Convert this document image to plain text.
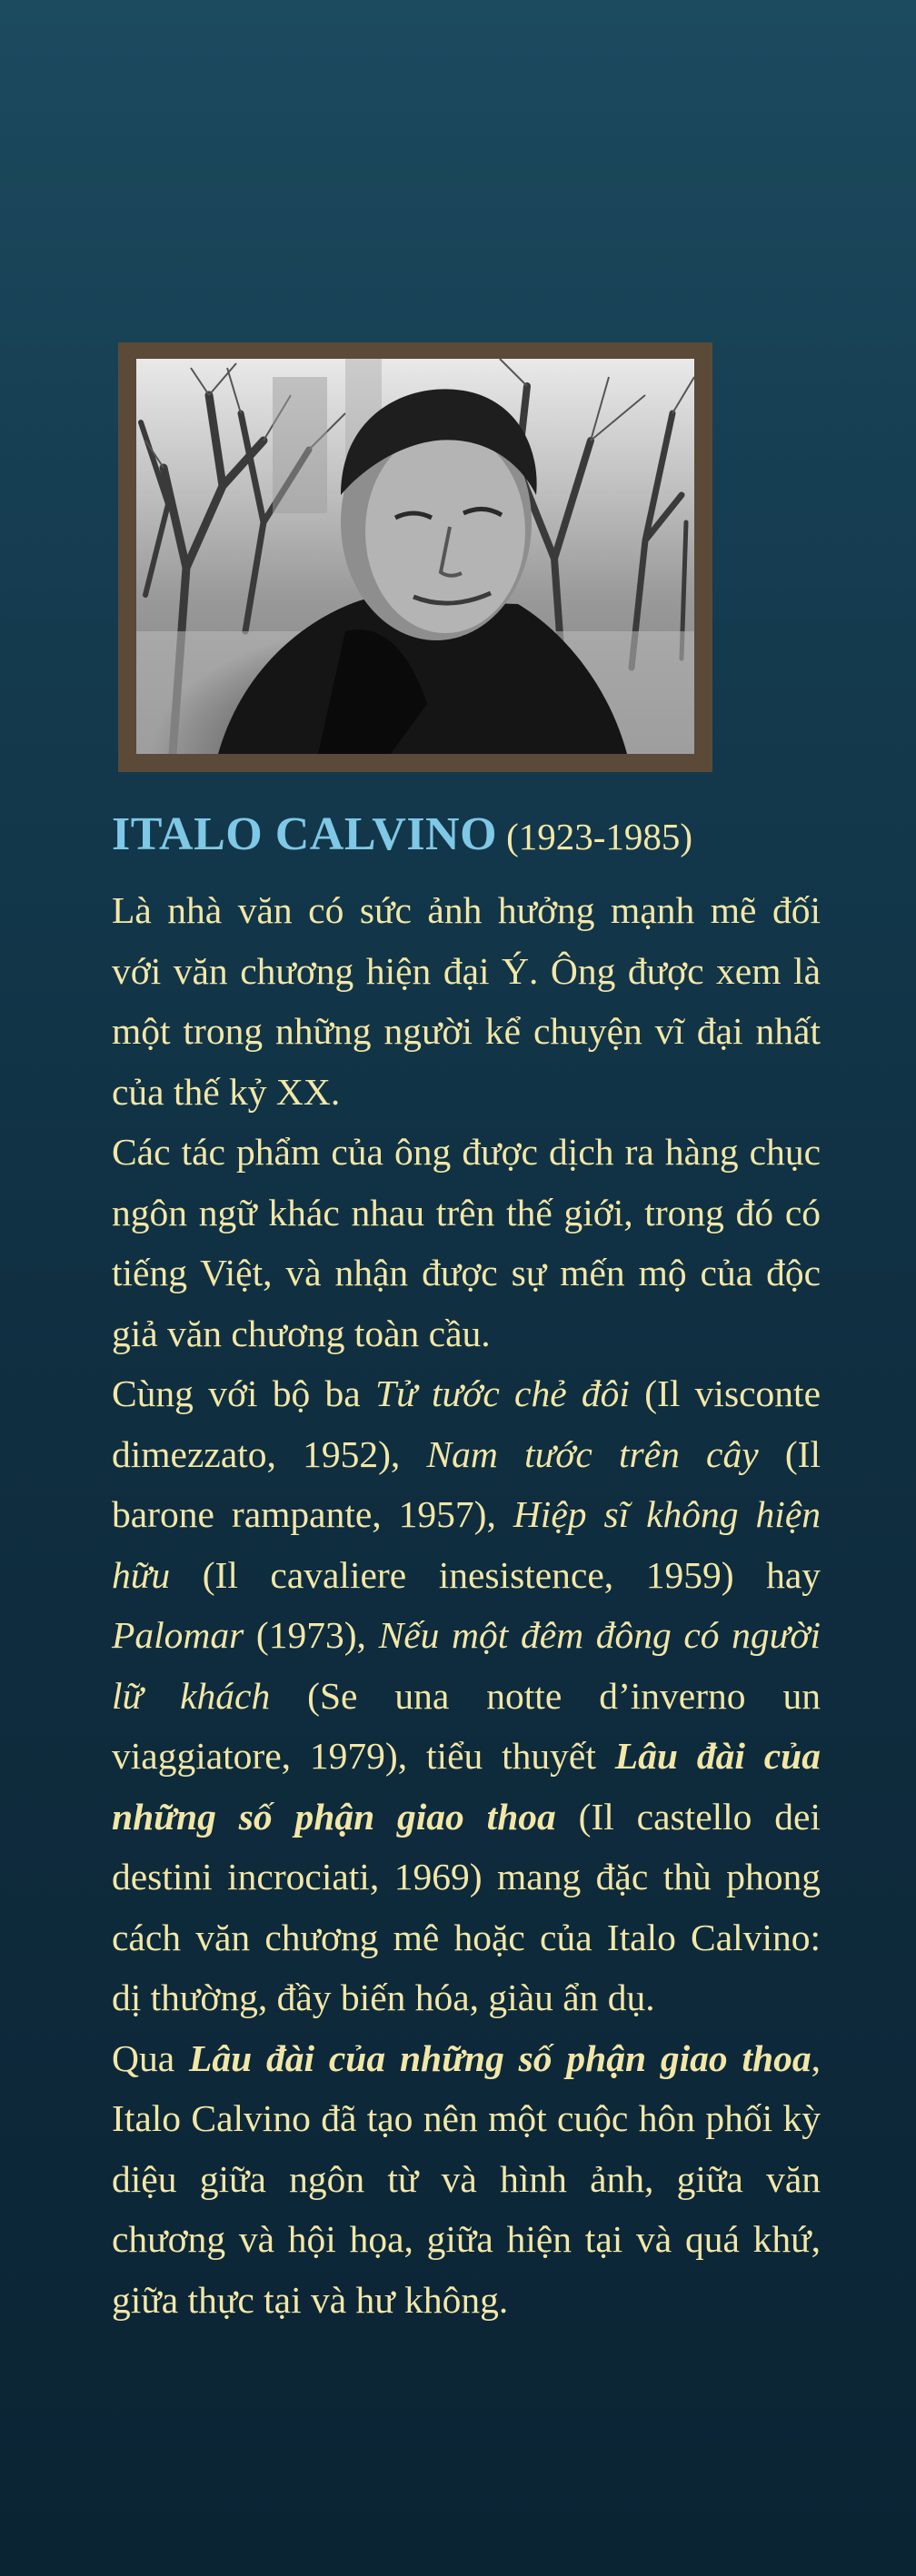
ITALO CALVINO (1923-1985)

Là nhà văn có sức ảnh hưởng mạnh mẽ đối với văn chương hiện đại Ý. Ông được xem là một trong những người kể chuyện vĩ đại nhất của thế kỷ XX.

Các tác phẩm của ông được dịch ra hàng chục ngôn ngữ khác nhau trên thế giới, trong đó có tiếng Việt, và nhận được sự mến mộ của độc giả văn chương toàn cầu.

Cùng với bộ ba Tử tước chẻ đôi (Il visconte dimezzato, 1952), Nam tước trên cây (Il barone rampante, 1957), Hiệp sĩ không hiện hữu (Il cavaliere inesistence, 1959) hay Palomar (1973), Nếu một đêm đông có người lữ khách (Se una notte d’inverno un viaggiatore, 1979), tiểu thuyết Lâu đài của những số phận giao thoa (Il castello dei destini incrociati, 1969) mang đặc thù phong cách văn chương mê hoặc của Italo Calvino: dị thường, đầy biến hóa, giàu ẩn dụ.

Qua Lâu đài của những số phận giao thoa, Italo Calvino đã tạo nên một cuộc hôn phối kỳ diệu giữa ngôn từ và hình ảnh, giữa văn chương và hội họa, giữa hiện tại và quá khứ, giữa thực tại và hư không.
